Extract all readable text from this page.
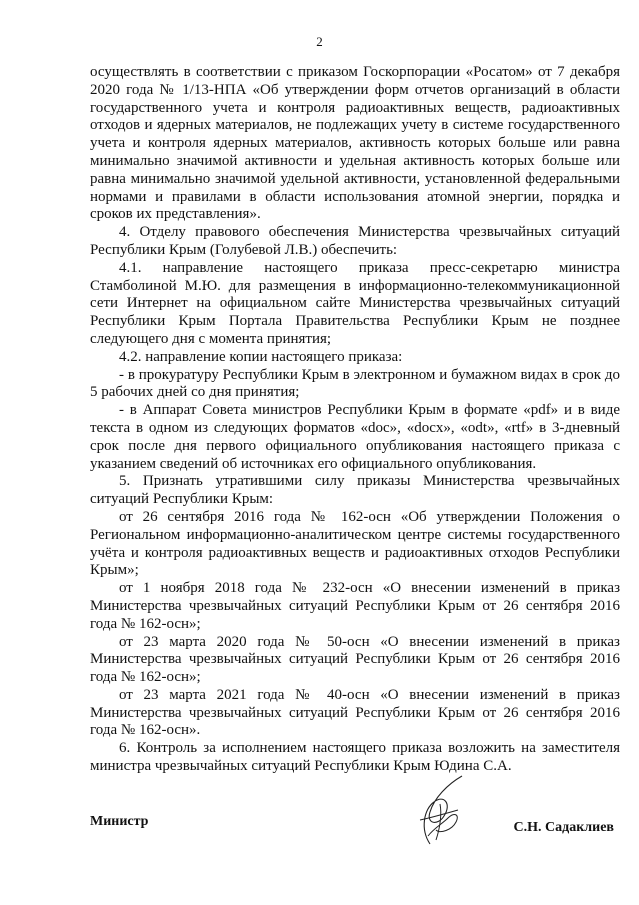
2

осуществлять в соответствии с приказом Госкорпорации «Росатом» от 7 декабря 2020 года № 1/13-НПА «Об утверждении форм отчетов организаций в области государственного учета и контроля радиоактивных веществ, радиоактивных отходов и ядерных материалов, не подлежащих учету в системе государственного учета и контроля ядерных материалов, активность которых больше или равна минимально значимой активности и удельная активность которых больше или равна минимально значимой удельной активности, установленной федеральными нормами и правилами в области использования атомной энергии, порядка и сроков их представления».

4. Отделу правового обеспечения Министерства чрезвычайных ситуаций Республики Крым (Голубевой Л.В.) обеспечить:

4.1. направление настоящего приказа пресс-секретарю министра Стамболиной М.Ю. для размещения в информационно-телекоммуникационной сети Интернет на официальном сайте Министерства чрезвычайных ситуаций Республики Крым Портала Правительства Республики Крым не позднее следующего дня с момента принятия;

4.2. направление копии настоящего приказа:

- в прокуратуру Республики Крым в электронном и бумажном видах в срок до 5 рабочих дней со дня принятия;

- в Аппарат Совета министров Республики Крым в формате «pdf» и в виде текста в одном из следующих форматов «doc», «docx», «odt», «rtf» в 3-дневный срок после дня первого официального опубликования настоящего приказа с указанием сведений об источниках его официального опубликования.

5. Признать утратившими силу приказы Министерства чрезвычайных ситуаций Республики Крым:

от 26 сентября 2016 года № 162-осн «Об утверждении Положения о Региональном информационно-аналитическом центре системы государственного учёта и контроля радиоактивных веществ и радиоактивных отходов Республики Крым»;

от 1 ноября 2018 года № 232-осн «О внесении изменений в приказ Министерства чрезвычайных ситуаций Республики Крым от 26 сентября 2016 года № 162-осн»;

от 23 марта 2020 года № 50-осн «О внесении изменений в приказ Министерства чрезвычайных ситуаций Республики Крым от 26 сентября 2016 года № 162-осн»;

от 23 марта 2021 года № 40-осн «О внесении изменений в приказ Министерства чрезвычайных ситуаций Республики Крым от 26 сентября 2016 года № 162-осн».

6. Контроль за исполнением настоящего приказа возложить на заместителя министра чрезвычайных ситуаций Республики Крым Юдина С.А.

Министр	С.Н. Садаклиев
